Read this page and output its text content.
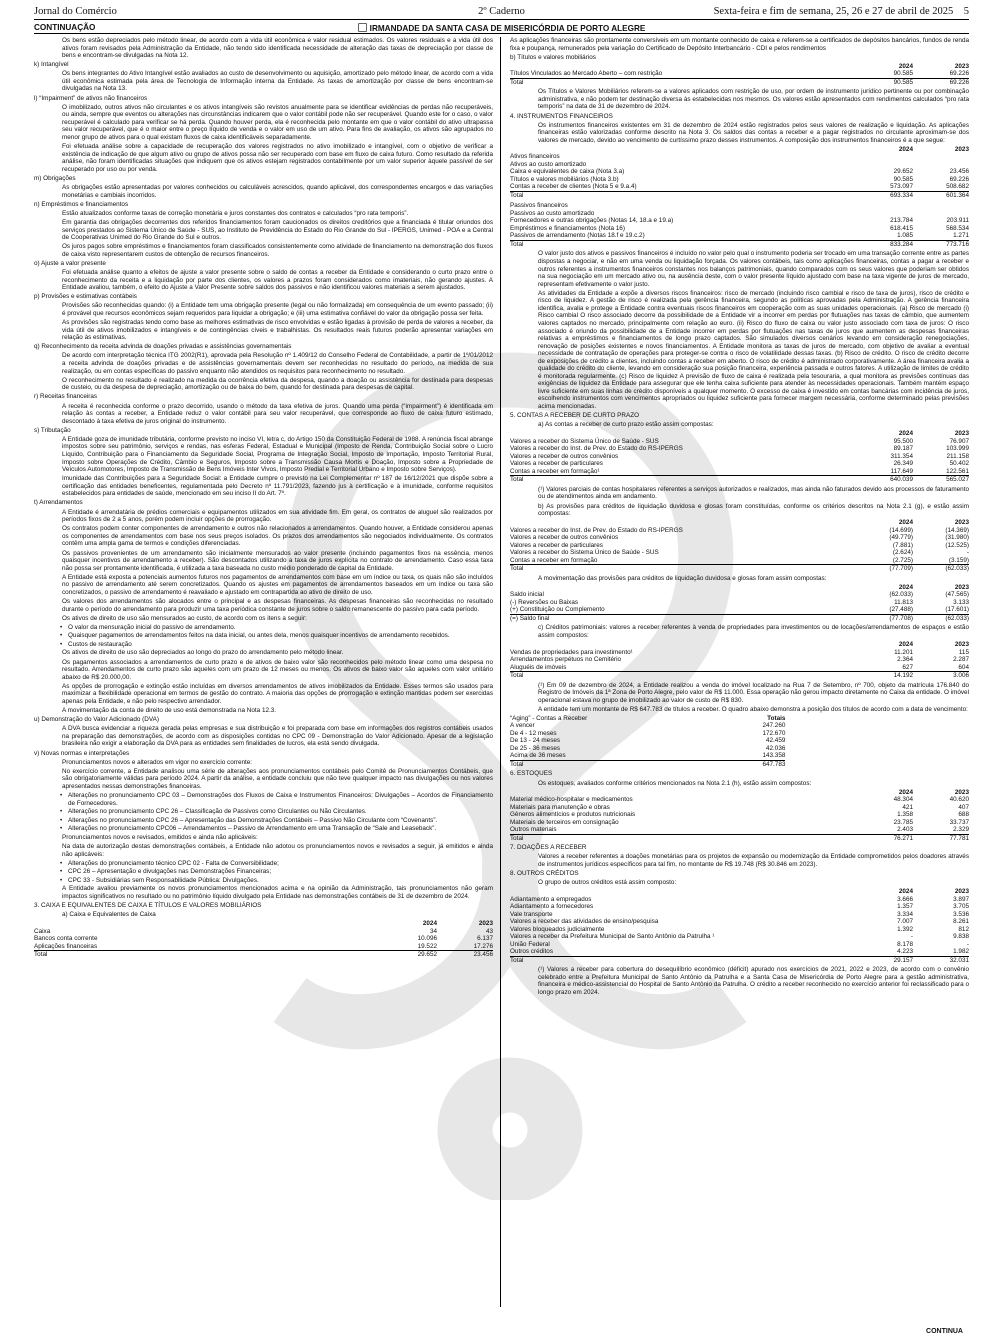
Jornal do Comércio	2º Caderno	Sexta-feira e fim de semana, 25, 26 e 27 de abril de 2025 5
CONTINUAÇÃO	IRMANDADE DA SANTA CASA DE MISERICÓRDIA DE PORTO ALEGRE

Os bens estão depreciados pelo método linear, de acordo com a vida útil econômica e valor residual estimados. Os valores residuais e a vida útil dos ativos foram revisados pela Administração da Entidade, não tendo sido identificada necessidade de alteração das taxas de depreciação por classe de bens e encontram-se divulgadas na Nota 12.

k) Intangível

Os bens integrantes do Ativo Intangível estão avaliados ao custo de desenvolvimento ou aquisição, amortizado pelo método linear, de acordo com a vida útil econômica estimada pela área de Tecnologia de Informação interna da Entidade. As taxas de amortização por classe de bens encontram-se divulgadas na Nota 13.

l) “Impairment” de ativos não financeiros

O imobilizado, outros ativos não circulantes e os ativos intangíveis são revistos anualmente para se identificar evidências de perdas não recuperáveis, ou ainda, sempre que eventos ou alterações nas circunstâncias indicarem que o valor contábil pode não ser recuperável. Quando este for o caso, o valor recuperável é calculado para verificar se há perda. Quando houver perda, ela é reconhecida pelo montante em que o valor contábil do ativo ultrapassa seu valor recuperável, que é o maior entre o preço líquido de venda e o valor em uso de um ativo. Para fins de avaliação, os ativos são agrupados no menor grupo de ativos para o qual existam fluxos de caixa identificáveis separadamente.

Foi efetuada análise sobre a capacidade de recuperação dos valores registrados no ativo imobilizado e intangível, com o objetivo de verificar a existência de indicação de que algum ativo ou grupo de ativos possa não ser recuperado com base em fluxo de caixa futuro. Como resultado da referida análise, não foram identificadas situações que indiquem que os ativos estejam registrados contabilmente por um valor superior àquele passível de ser recuperado por uso ou por venda.

m) Obrigações

As obrigações estão apresentadas por valores conhecidos ou calculáveis acrescidos, quando aplicável, dos correspondentes encargos e das variações monetárias e cambiais incorridos.

n) Empréstimos e financiamentos

Estão atualizados conforme taxas de correção monetária e juros constantes dos contratos e calculados “pro rata temporis”.

Em garantia das obrigações decorrentes dos referidos financiamentos foram caucionados os direitos creditórios que a financiada é titular oriundos dos serviços prestados ao Sistema Único de Saúde - SUS, ao Instituto de Previdência do Estado do Rio Grande do Sul - IPERGS, Unimed - POA e a Central de Cooperativas Unimed do Rio Grande do Sul e outros.

Os juros pagos sobre empréstimos e financiamentos foram classificados consistentemente como atividade de financiamento na demonstração dos fluxos de caixa visto representarem custos de obtenção de recursos financeiros.

o) Ajuste a valor presente

Foi efetuada análise quanto a efeitos de ajuste a valor presente sobre o saldo de contas a receber da Entidade e considerando o curto prazo entre o reconhecimento da receita e a liquidação por parte dos clientes, os valores a prazos foram considerados como imateriais, não gerando ajustes. A Entidade avaliou, também, o efeito do Ajuste a Valor Presente sobre saldos dos passivos e não identificou valores materiais a serem ajustados.

p) Provisões e estimativas contábeis

Provisões são reconhecidas quando: (i) a Entidade tem uma obrigação presente (legal ou não formalizada) em consequência de um evento passado; (ii) é provável que recursos econômicos sejam requeridos para liquidar a obrigação; e (iii) uma estimativa confiável do valor da obrigação possa ser feita.

As provisões são registradas tendo como base as melhores estimativas de risco envolvidas e estão ligadas à provisão de perda de valores a receber, da vida útil de ativos imobilizados e intangíveis e de contingências cíveis e trabalhistas. Os resultados reais futuros poderão apresentar variações em relação às estimativas.

q) Reconhecimento da receita advinda de doações privadas e assistências governamentais

De acordo com interpretação técnica ITG 2002(R1), aprovada pela Resolução nº 1.409/12 do Conselho Federal de Contabilidade, a partir de 1º/01/2012 a receita advinda de doações privadas e de assistências governamentais devem ser reconhecidas no resultado do período, na medida de sua realização, ou em contas específicas do passivo enquanto não atendidos os requisitos para reconhecimento no resultado.

O reconhecimento no resultado é realizado na medida da ocorrência efetiva da despesa, quando a doação ou assistência for destinada para despesas de custeio, ou da despesa de depreciação, amortização ou de baixa do bem, quando for destinada para despesas de capital.

r) Receitas financeiras

A receita é reconhecida conforme o prazo decorrido, usando o método da taxa efetiva de juros. Quando uma perda (“impairment”) é identificada em relação às contas a receber, a Entidade reduz o valor contábil para seu valor recuperável, que corresponde ao fluxo de caixa futuro estimado, descontado à taxa efetiva de juros original do instrumento.

s) Tributação

A Entidade goza de imunidade tributária, conforme previsto no inciso VI, letra c, do Artigo 150 da Constituição Federal de 1988. A renúncia fiscal abrange impostos sobre seu patrimônio, serviços e rendas, nas esferas Federal, Estadual e Municipal (Imposto de Renda, Contribuição Social sobre o Lucro Líquido, Contribuição para o Financiamento da Seguridade Social, Programa de Integração Social, Imposto de Importação, Imposto Territorial Rural, Imposto sobre Operações de Crédito, Câmbio e Seguros, Imposto sobre a Transmissão Causa Mortis e Doação, Imposto sobre a Propriedade de Veículos Automotores, Imposto de Transmissão de Bens Imóveis Inter Vivos, Imposto Predial e Territorial Urbano e Imposto sobre Serviços).

Imunidade das Contribuições para a Seguridade Social: a Entidade cumpre o previsto na Lei Complementar nº 187 de 16/12/2021 que dispõe sobre a certificação das entidades beneficentes, regulamentada pelo Decreto nº 11.791/2023, fazendo jus à certificação e à imunidade, conforme requisitos estabelecidos para entidades de saúde, mencionado em seu inciso II do Art. 7º.

t) Arrendamentos

A Entidade é arrendatária de prédios comerciais e equipamentos utilizados em sua atividade fim. Em geral, os contratos de aluguel são realizados por períodos fixos de 2 a 5 anos, porém podem incluir opções de prorrogação.

Os contratos podem conter componentes de arrendamento e outros não relacionados a arrendamentos. Quando houver, a Entidade considerou apenas os componentes de arrendamentos com base nos seus preços isolados. Os prazos dos arrendamentos são negociados individualmente. Os contratos contêm uma ampla gama de termos e condições diferenciadas.

Os passivos provenientes de um arrendamento são inicialmente mensurados ao valor presente (incluindo pagamentos fixos na essência, menos quaisquer incentivos de arrendamento a receber). São descontados utilizando a taxa de juros explícita no contrato de arrendamento. Caso essa taxa não possa ser prontamente identificada, é utilizada a taxa baseada no custo médio ponderado de capital da Entidade.

A Entidade está exposta a potenciais aumentos futuros nos pagamentos de arrendamentos com base em um índice ou taxa, os quais não são incluídos no passivo de arrendamento até serem concretizados. Quando os ajustes em pagamentos de arrendamentos baseados em um índice ou taxa são concretizados, o passivo de arrendamento é reavaliado e ajustado em contrapartida ao ativo de direito de uso.

Os valores dos arrendamentos são alocados entre o principal e as despesas financeiras. As despesas financeiras são reconhecidas no resultado durante o período do arrendamento para produzir uma taxa periódica constante de juros sobre o saldo remanescente do passivo para cada período.

Os ativos de direito de uso são mensurados ao custo, de acordo com os itens a seguir:

• O valor da mensuração inicial do passivo de arrendamento.

• Quaisquer pagamentos de arrendamentos feitos na data inicial, ou antes dela, menos quaisquer incentivos de arrendamento recebidos.

• Custos de restauração

Os ativos de direito de uso são depreciados ao longo do prazo do arrendamento pelo método linear.

Os pagamentos associados a arrendamentos de curto prazo e de ativos de baixo valor são reconhecidos pelo método linear como uma despesa no resultado. Arrendamentos de curto prazo são aqueles com um prazo de 12 meses ou menos. Os ativos de baixo valor são aqueles com valor unitário abaixo de R$ 20.000,00.

As opções de prorrogação e extinção estão incluídas em diversos arrendamentos de ativos imobilizados da Entidade. Esses termos são usados para maximizar a flexibilidade operacional em termos de gestão do contrato. A maioria das opções de prorrogação e extinção mantidas podem ser exercidas apenas pela Entidade, e não pelo respectivo arrendador.

A movimentação da conta de direito de uso está demonstrada na Nota 12.3.

u) Demonstração do Valor Adicionado (DVA)

A DVA busca evidenciar a riqueza gerada pelas empresas e sua distribuição e foi preparada com base em informações dos registros contábeis usados na preparação das demonstrações, de acordo com as disposições contidas no CPC 09 - Demonstração do Valor Adicionado. Apesar de a legislação brasileira não exigir a elaboração da DVA para as entidades sem finalidades de lucros, ela está sendo divulgada.

v) Novas normas e interpretações

Pronunciamentos novos e alterados em vigor no exercício corrente:

No exercício corrente, a Entidade analisou uma série de alterações aos pronunciamentos contábeis pelo Comitê de Pronunciamentos Contábeis, que são obrigatoriamente válidas para período 2024. A partir da análise, a entidade concluiu que não teve qualquer impacto nas divulgações ou nos valores apresentados nessas demonstrações financeiras.

• Alterações no pronunciamento CPC 03 – Demonstrações dos Fluxos de Caixa e Instrumentos Financeiros: Divulgações – Acordos de Financiamento de Fornecedores.

• Alterações no pronunciamento CPC 26 – Classificação de Passivos como Circulantes ou Não Circulantes.

• Alterações no pronunciamento CPC 26 – Apresentação das Demonstrações Contábeis – Passivo Não Circulante com “Covenants”.

• Alterações no pronunciamento CPC06 – Arrendamentos – Passivo de Arrendamento em uma Transação de “Sale and Leaseback”.

Pronunciamentos novos e revisados, emitidos e ainda não aplicáveis:

Na data de autorização destas demonstrações contábeis, a Entidade não adotou os pronunciamentos novos e revisados a seguir, já emitidos e ainda não aplicáveis:

• Alterações do pronunciamento técnico CPC 02 - Falta de Conversibilidade;

• CPC 26 – Apresentação e divulgações nas Demonstrações Financeiras;

• CPC 33 - Subsidiárias sem Responsabilidade Pública: Divulgações.

A Entidade avaliou previamente os novos pronunciamentos mencionados acima e na opinião da Administração, tais pronunciamentos não geram impactos significativos no resultado ou no patrimônio líquido divulgado pela Entidade nas demonstrações contábeis de 31 de dezembro de 2024.

3. CAIXA E EQUIVALENTES DE CAIXA E TÍTULOS E VALORES MOBILIÁRIOS

a) Caixa e Equivalentes de Caixa

	2024	2023
Caixa	34	43
Bancos conta corrente	10.096	6.137
Aplicações financeiras	19.522	17.276
Total	29.652	23.456

As aplicações financeiras são prontamente conversíveis em um montante conhecido de caixa e referem-se a certificados de depósitos bancários, fundos de renda fixa e poupança, remunerados pela variação do Certificado de Depósito Interbancário - CDI e pelos rendimentos

b) Títulos e valores mobiliários

	2024	2023
Títulos Vinculados ao Mercado Aberto – com restrição	90.585	69.226
Total	90.585	69.226

Os Títulos e Valores Mobiliários referem-se a valores aplicados com restrição de uso, por ordem de instrumento jurídico pertinente ou por combinação administrativa, e não podem ter destinação diversa às estabelecidas nos mesmos. Os valores estão apresentados com rendimentos calculados “pro rata temporis” na data de 31 de dezembro de 2024.

4. INSTRUMENTOS FINANCEIROS

Os instrumentos financeiros existentes em 31 de dezembro de 2024 estão registrados pelos seus valores de realização e liquidação. As aplicações financeiras estão valorizadas conforme descrito na Nota 3. Os saldos das contas a receber e a pagar registrados no circulante aproximam-se dos valores de mercado, devido ao vencimento de curtíssimo prazo desses instrumentos. A composição dos instrumentos financeiros é a que segue:

	2024	2023
Ativos financeiros		
Ativos ao custo amortizado		
Caixa e equivalentes de caixa (Nota 3.a)	29.652	23.456
Títulos e valores mobiliários (Nota 3.b)	90.585	69.226
Contas a receber de clientes (Nota 5 e 9.a.4)	573.097	508.682
Total	693.334	601.364

Passivos financeiros		
Passivos ao custo amortizado		
Fornecedores e outras obrigações (Notas 14, 18.a e 19.a)	213.784	203.911
Empréstimos e financiamentos (Nota 16)	618.415	568.534
Passivos de arrendamento (Notas 18.f e 19.c.2)	1.085	1.271
Total	833.284	773.716

O valor justo dos ativos e passivos financeiros é incluído no valor pelo qual o instrumento poderia ser trocado em uma transação corrente entre as partes dispostas a negociar, e não em uma venda ou liquidação forçada. Os valores contábeis, tais como aplicações financeiras, contas a pagar a receber e outros referentes a instrumentos financeiros constantes nos balanços patrimoniais, quando comparados com os seus valores que poderiam ser obtidos na sua negociação em um mercado ativo ou, na ausência deste, com o valor presente líquido ajustado com base na taxa vigente de juros de mercado, representam efetivamente o valor justo.

As atividades da Entidade a expõe a diversos riscos financeiros: risco de mercado (incluindo risco cambial e risco de taxa de juros), risco de crédito e risco de liquidez. A gestão de risco é realizada pela gerência financeira, segundo as políticas aprovadas pela Administração. A gerência financeira identifica, avalia e protege a Entidade contra eventuais riscos financeiros em cooperação com as suas unidades operacionais. (a) Risco de mercado (i) Risco cambial O risco associado decorre da possibilidade de a Entidade vir a incorrer em perdas por flutuações nas taxas de câmbio, que aumentem valores captados no mercado, principalmente com relação ao euro. (ii) Risco do fluxo de caixa ou valor justo associado com taxa de juros: O risco associado é oriundo da possibilidade de a Entidade incorrer em perdas por flutuações nas taxas de juros que aumentem as despesas financeiras relativas a empréstimos e financiamentos de longo prazo captados. São simulados diversos cenários levando em consideração renegociações, renovação de posições existentes e novos financiamentos. A Entidade monitora as taxas de juros de mercado, com objetivo de avaliar a eventual necessidade de contratação de operações para proteger-se contra o risco de volatilidade dessas taxas. (b) Risco de crédito. O risco de crédito decorre de exposições de crédito a clientes, incluindo contas a receber em aberto. O risco de crédito é administrado corporativamente. A área financeira avalia a qualidade do crédito do cliente, levando em consideração sua posição financeira, experiência passada e outros fatores. A utilização de limites de crédito é monitorada regularmente. (c) Risco de liquidez A previsão de fluxo de caixa é realizada pela tesouraria, a qual monitora as previsões contínuas das exigências de liquidez da Entidade para assegurar que ele tenha caixa suficiente para atender às necessidades operacionais. Também mantém espaço livre suficiente em suas linhas de crédito disponíveis a qualquer momento. O excesso de caixa é investido em contas bancárias com incidência de juros, escolhendo instrumentos com vencimentos apropriados ou liquidez suficiente para fornecer margem necessária, conforme determinado pelas previsões acima mencionadas.

5. CONTAS A RECEBER DE CURTO PRAZO

a) As contas a receber de curto prazo estão assim compostas:

	2024	2023
Valores a receber do Sistema Único de Saúde - SUS	95.500	76.907
Valores a receber do Inst. de Prev. do Estado do RS-IPERGS	89.187	103.999
Valores a receber de outros convênios	311.354	211.158
Valores a receber de particulares	26.349	50.402
Contas a receber em formação¹	117.649	122.561
Total	640.039	565.027

(¹) Valores parciais de contas hospitalares referentes a serviços autorizados e realizados, mas ainda não faturados devido aos processos de faturamento ou de atendimentos ainda em andamento.

b) As provisões para créditos de liquidação duvidosa e glosas foram constituídas, conforme os critérios descritos na Nota 2.1 (g), e estão assim compostas:

	2024	2023
Valores a receber do Inst. de Prev. do Estado do RS-IPERGS	(14.699)	(14.369)
Valores a receber de outros convênios	(49.779)	(31.980)
Valores a receber de particulares	(7.881)	(12.525)
Valores a receber do Sistema Único de Saúde - SUS	(2.624)	-
Contas a receber em formação	(2.725)	(3.159)
Total	(77.709)	(62.033)

A movimentação das provisões para créditos de liquidação duvidosa e glosas foram assim compostas:

	2024	2023
Saldo inicial	(62.033)	(47.565)
(-) Reversões ou Baixas	11.813	3.133
(+) Constituição ou Complemento	(27.488)	(17.601)
(=) Saldo final	(77.708)	(62.033)

c) Créditos patrimoniais: valores a receber referentes à venda de propriedades para investimentos ou de locações/arrendamentos de espaços e estão assim compostos:

	2024	2023
Vendas de propriedades para investimento¹	11.201	115
Arrendamentos perpétuos no Cemitério	2.364	2.287
Aluguéis de imóveis	627	604
Total	14.192	3.006

(¹) Em 09 de dezembro de 2024, a Entidade realizou a venda do imóvel localizado na Rua 7 de Setembro, nº 700, objeto da matrícula 176.840 do Registro de Imóveis da 1ª Zona de Porto Alegre, pelo valor de R$ 11.000. Essa operação não gerou impacto diretamente no Caixa da entidade. O imóvel operacional estava no grupo de imobilizado ao valor de custo de R$ 830.

A entidade tem um montante de R$ 647.783 de títulos a receber. O quadro abaixo demonstra a posição dos títulos de acordo com a data de vencimento:

“Aging” - Contas a Receber	Totais
A vencer	247.260
De 4 - 12 meses	172.670
De 13 - 24 meses	42.459
De 25 - 36 meses	42.036
Acima de 36 meses	143.358
Total	647.783

6. ESTOQUES

Os estoques, avaliados conforme critérios mencionados na Nota 2.1 (h), estão assim compostos:

	2024	2023
Material médico-hospitalar e medicamentos	48.304	40.620
Materiais para manutenção e obras	421	407
Gêneros alimentícios e produtos nutricionais	1.358	688
Materiais de terceiros em consignação	23.785	33.737
Outros materiais	2.403	2.329
Total	76.271	77.781

7. DOAÇÕES A RECEBER

Valores a receber referentes a doações monetárias para os projetos de expansão ou modernização da Entidade comprometidos pelos doadores através de instrumentos jurídicos específicos para tal fim, no montante de R$ 19.748 (R$ 30.846 em 2023).

8. OUTROS CRÉDITOS

O grupo de outros créditos está assim composto:

	2024	2023
Adiantamento a empregados	3.666	3.897
Adiantamento a fornecedores	1.357	3.705
Vale transporte	3.334	3.536
Valores a receber das atividades de ensino/pesquisa	7.007	8.261
Valores bloqueados judicialmente	1.392	812
Valores a receber da Prefeitura Municipal de Santo Antônio da Patrulha ¹	-	9.838
União Federal	8.178	-
Outros créditos	4.223	1.982
Total	29.157	32.031

(¹) Valores a receber para cobertura do desequilíbrio econômico (déficit) apurado nos exercícios de 2021, 2022 e 2023, de acordo com o convênio celebrado entre a Prefeitura Municipal de Santo Antônio da Patrulha e a Santa Casa de Misericórdia de Porto Alegre para a gestão administrativa, financeira e médico-assistencial do Hospital de Santo Antônio da Patrulha. O crédito a receber reconhecido no exercício anterior foi reclassificado para o longo prazo em 2024.

CONTINUA
